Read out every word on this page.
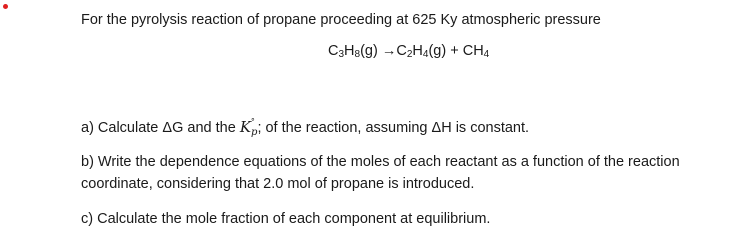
For the pyrolysis reaction of propane proceeding at 625 Ky atmospheric pressure
$C_3H_8(g) \to C_2H_4(g) + CH_4$
a) Calculate ΔG and the K °
$_p$; of the reaction, assuming ΔH is constant.
b) Write the dependence equations of the moles of each reactant as a function of the reaction
coordinate, considering that 2.0 mol of propane is introduced.
c) Calculate the mole fraction of each component at equilibrium.
